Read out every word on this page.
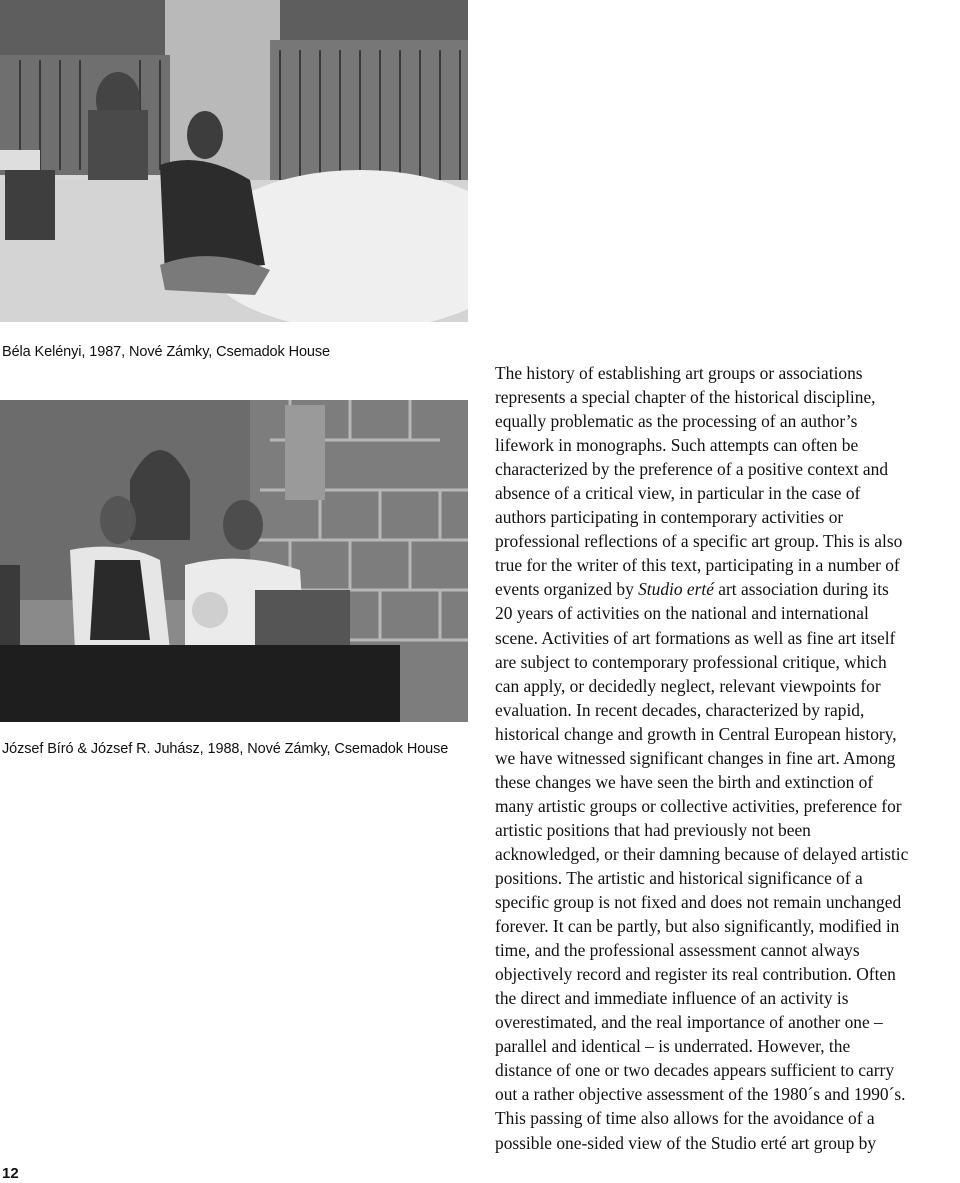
Béla Kelényi, 1987, Nové Zámky, Csemadok House
József Bíró & József R. Juhász, 1988, Nové Zámky, Csemadok House

The history of establishing art groups or associations
represents a special chapter of the historical discipline,
equally problematic as the processing of an author’s
lifework in monographs. Such attempts can often be
characterized by the preference of a positive context and
absence of a critical view, in particular in the case of
authors participating in contemporary activities or
professional reflections of a specific art group. This is also
true for the writer of this text, participating in a number of
events organized by Studio erté art association during its
20 years of activities on the national and international
scene. Activities of art formations as well as fine art itself
are subject to contemporary professional critique, which
can apply, or decidedly neglect, relevant viewpoints for
evaluation. In recent decades, characterized by rapid,
historical change and growth in Central European history,
we have witnessed significant changes in fine art. Among
these changes we have seen the birth and extinction of
many artistic groups or collective activities, preference for
artistic positions that had previously not been
acknowledged, or their damning because of delayed artistic
positions. The artistic and historical significance of a
specific group is not fixed and does not remain unchanged
forever. It can be partly, but also significantly, modified in
time, and the professional assessment cannot always
objectively record and register its real contribution. Often
the direct and immediate influence of an activity is
overestimated, and the real importance of another one –
parallel and identical – is underrated. However, the
distance of one or two decades appears sufficient to carry
out a rather objective assessment of the 1980´s and 1990´s.
This passing of time also allows for the avoidance of a
possible one-sided view of the Studio erté art group by

12
